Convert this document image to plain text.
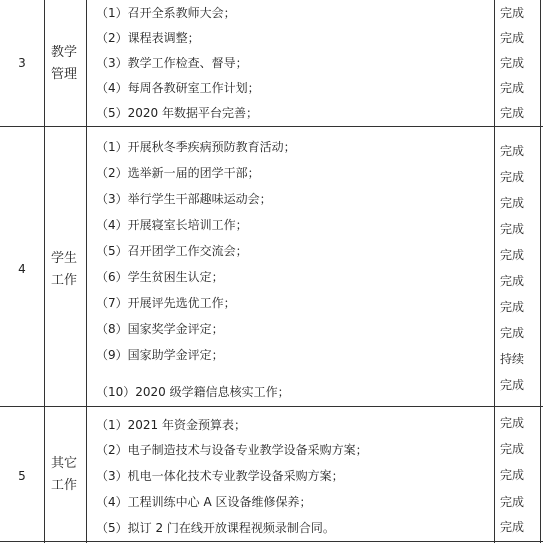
3
教学管理
（1）召开全系教师大会；	完成
（2）课程表调整；	完成
（3）教学工作检查、督导；	完成
（4）每周各教研室工作计划；	完成
（5）2020 年数据平台完善；	完成
4
学生工作
（1）开展秋冬季疾病预防教育活动；	完成
（2）选举新一届的团学干部；	完成
（3）举行学生干部趣味运动会；	完成
（4）开展寝室长培训工作；	完成
（5）召开团学工作交流会；	完成
（6）学生贫困生认定；	完成
（7）开展评先选优工作；	完成
（8）国家奖学金评定；	完成
（9）国家助学金评定；	持续
（10）2020 级学籍信息核实工作；	完成
5
其它工作
（1）2021 年资金预算表；	完成
（2）电子制造技术与设备专业教学设备采购方案；	完成
（3）机电一体化技术专业教学设备采购方案；	完成
（4）工程训练中心 A 区设备维修保养；	完成
（5）拟订 2 门在线开放课程视频录制合同。	完成
